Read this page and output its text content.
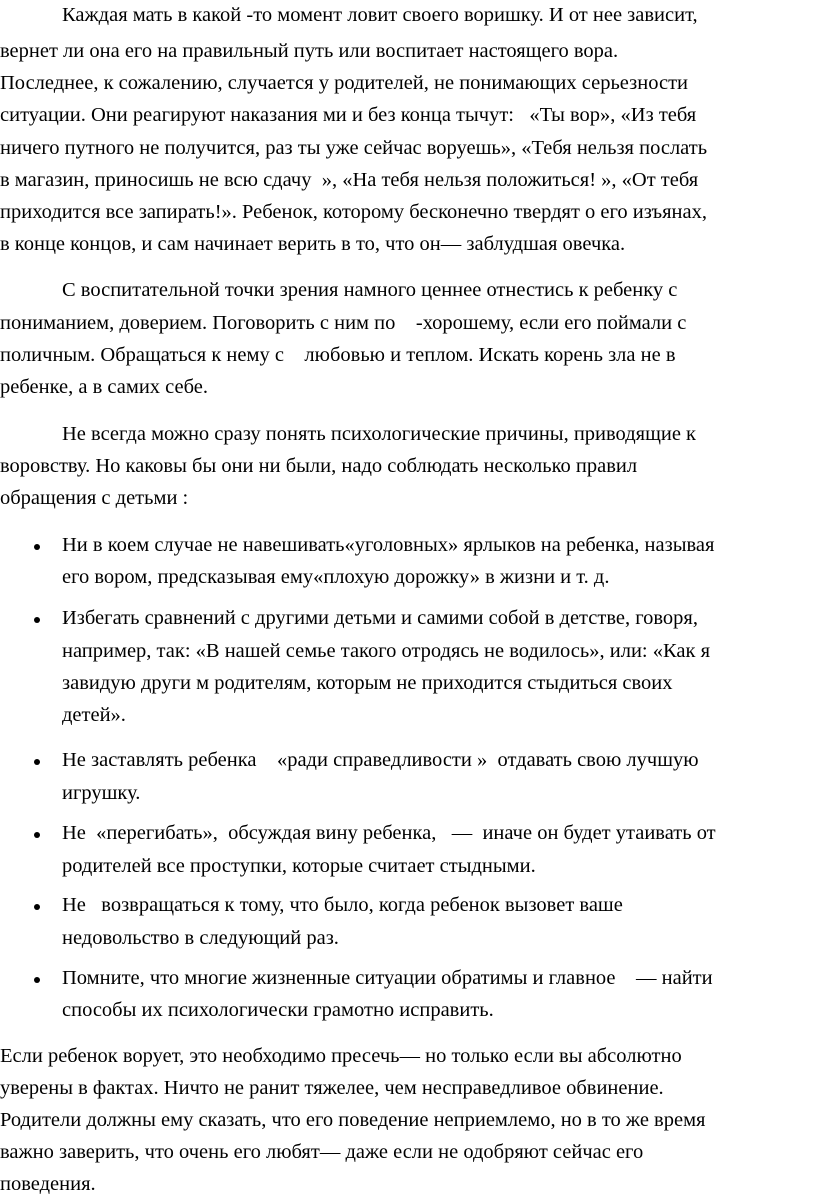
Каждая мать в какой -то момент ловит своего воришку. И от нее зависит,
вернет ли она его на правильный путь или воспитает настоящего вора.
Последнее, к сожалению, случается у родителей, не понимающих серьезности
ситуации. Они реагируют наказания ми и без конца тычут:   «Ты вор», «Из тебя
ничего путного не получится, раз ты уже сейчас воруешь», «Тебя нельзя послать
в магазин, приносишь не всю сдачу  », «На тебя нельзя положиться! », «От тебя
приходится все запирать!». Ребенок, которому бесконечно твердят о его изъянах,
в конце концов, и сам начинает верить в то, что он— заблудшая овечка.
С воспитательной точки зрения намного ценнее отнестись к ребенку с
пониманием, доверием. Поговорить с ним по    -хорошему, если его поймали с
поличным. Обращаться к нему с    любовью и теплом. Искать корень зла не в
ребенке, а в самих себе.
Не всегда можно сразу понять психологические причины, приводящие к
воровству. Но каковы бы они ни были, надо соблюдать несколько правил
обращения с детьми :
Ни в коем случае не навешивать«уголовных» ярлыков на ребенка, называя
его вором, предсказывая ему«плохую дорожку» в жизни и т. д.
Избегать сравнений с другими детьми и самими собой в детстве, говоря,
например, так: «В нашей семье такого отродясь не водилось», или: «Как я
завидую други м родителям, которым не приходится стыдиться своих
детей».
Не заставлять ребенка    «ради справедливости »  отдавать свою лучшую
игрушку.
Не  «перегибать»,  обсуждая вину ребенка,   —  иначе он будет утаивать от
родителей все проступки, которые считает стыдными.
Не   возвращаться к тому, что было, когда ребенок вызовет ваше
недовольство в следующий раз.
Помните, что многие жизненные ситуации обратимы и главное    — найти
способы их психологически грамотно исправить.
Если ребенок ворует, это необходимо пресечь— но только если вы абсолютно
уверены в фактах. Ничто не ранит тяжелее, чем несправедливое обвинение.
Родители должны ему сказать, что его поведение неприемлемо, но в то же время
важно заверить, что очень его любят— даже если не одобряют сейчас его
поведения.
